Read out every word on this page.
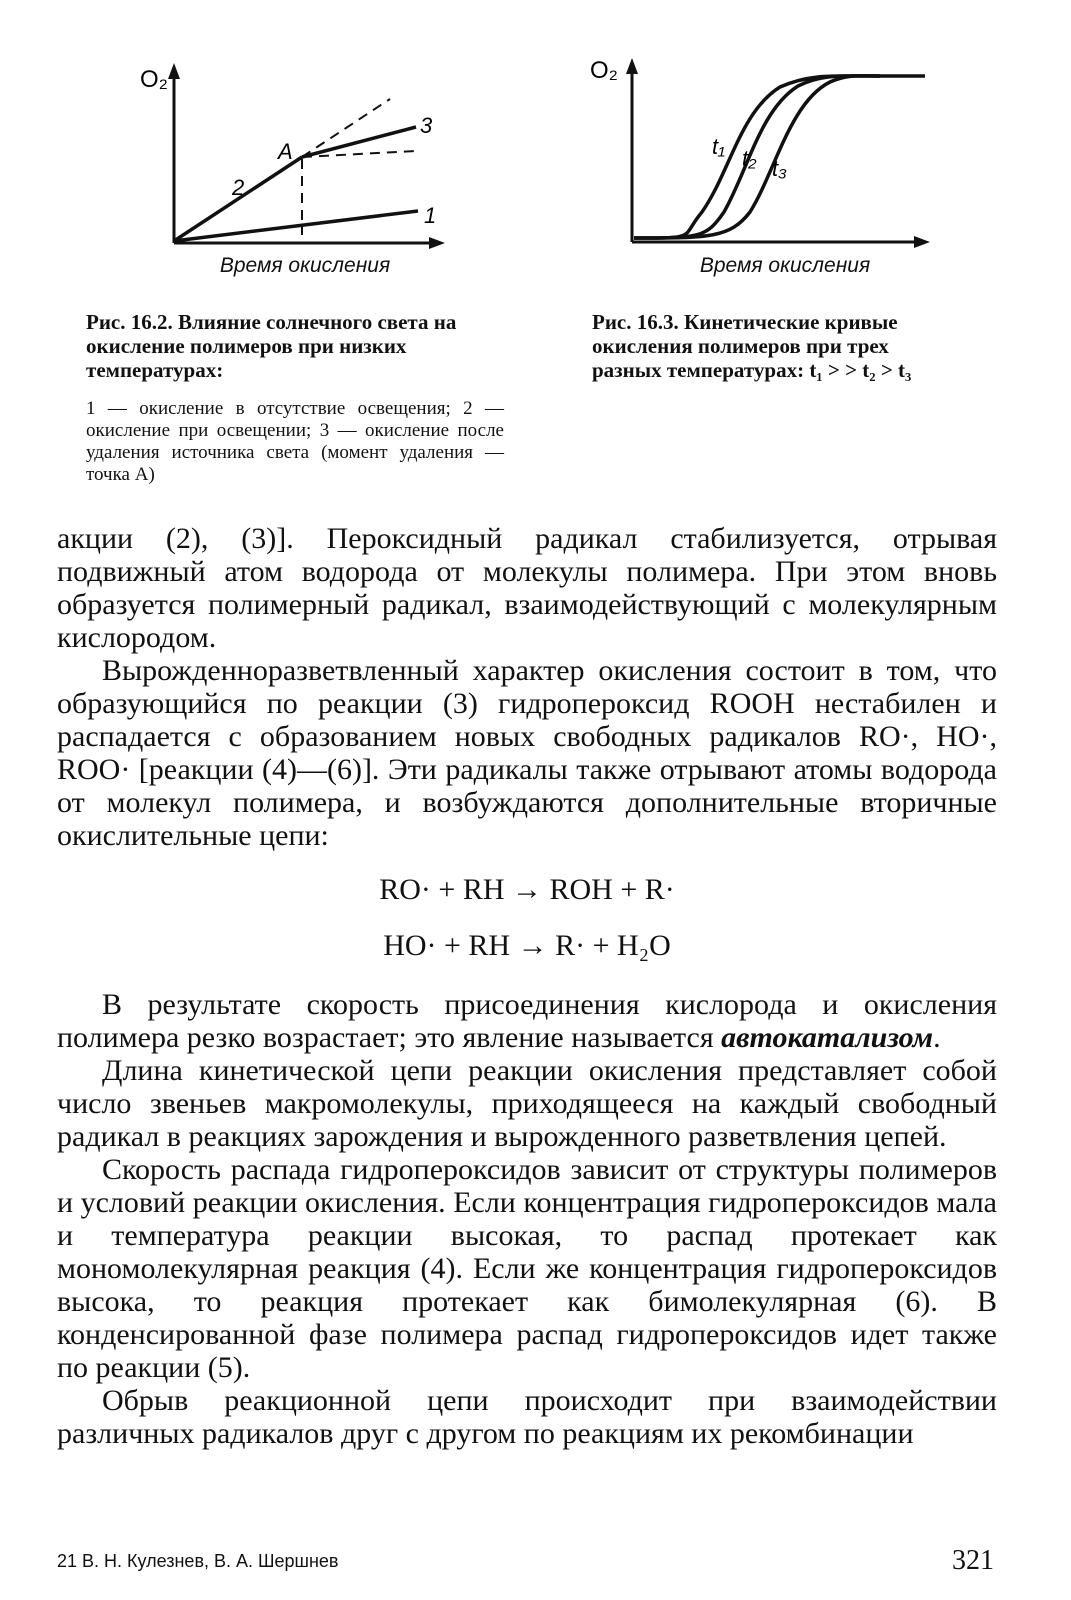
O₂
1
2
3
A
Время окисления
Рис. 16.2. Влияние солнечного света на окисление полимеров при низких температурах:
1 — окисление в отсутствие освещения; 2 — окисление при освещении; 3 — окисление после удаления источника света (момент удаления — точка A)
O₂
t₁ t₂ t₃
Время окисления
Рис. 16.3. Кинетические кривые окисления полимеров при трех разных температурах: t₁ > > t₂ > t₃

акции (2), (3)]. Пероксидный радикал стабилизуется, отрывая подвижный атом водорода от молекулы полимера. При этом вновь образуется полимерный радикал, взаимодействующий с молекулярным кислородом.

Вырожденноразветвленный характер окисления состоит в том, что образующийся по реакции (3) гидропероксид ROOH нестабилен и распадается с образованием новых свободных радикалов RO·, HO·, ROO· [реакции (4)—(6)]. Эти радикалы также отрывают атомы водорода от молекул полимера, и возбуждаются дополнительные вторичные окислительные цепи:

RO· + RH → ROH + R·
HO· + RH → R· + H₂O

В результате скорость присоединения кислорода и окисления полимера резко возрастает; это явление называется автокатализом.

Длина кинетической цепи реакции окисления представляет собой число звеньев макромолекулы, приходящееся на каждый свободный радикал в реакциях зарождения и вырожденного разветвления цепей.

Скорость распада гидропероксидов зависит от структуры полимеров и условий реакции окисления. Если концентрация гидропероксидов мала и температура реакции высокая, то распад протекает как мономолекулярная реакция (4). Если же концентрация гидропероксидов высока, то реакция протекает как бимолекулярная (6). В конденсированной фазе полимера распад гидропероксидов идет также по реакции (5).

Обрыв реакционной цепи происходит при взаимодействии различных радикалов друг с другом по реакциям их рекомбинации

21 В. Н. Кулезнев, В. А. Шершнев	321
